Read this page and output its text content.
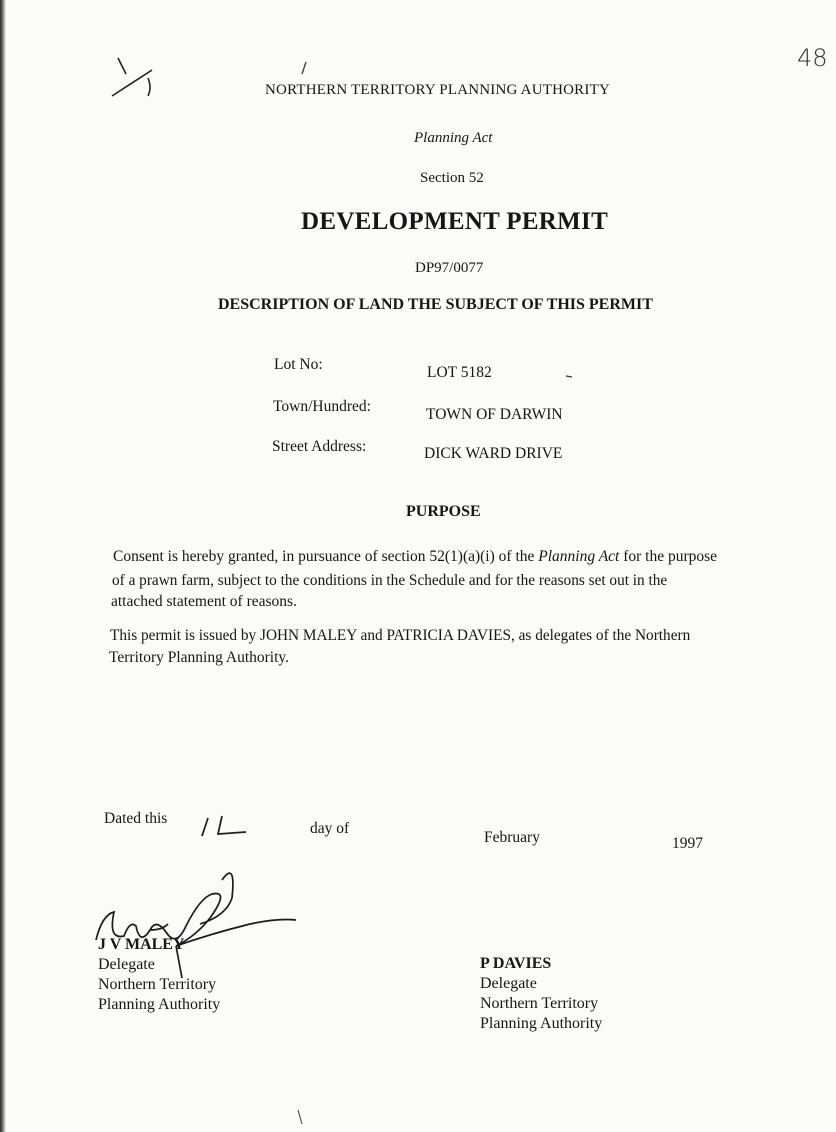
48
NORTHERN TERRITORY PLANNING AUTHORITY
Planning Act
Section 52
DEVELOPMENT PERMIT
DP97/0077
DESCRIPTION OF LAND THE SUBJECT OF THIS PERMIT
Lot No:	LOT 5182
Town/Hundred:	TOWN OF DARWIN
Street Address:	DICK WARD DRIVE
PURPOSE
Consent is hereby granted, in pursuance of section 52(1)(a)(i) of the Planning Act for the purpose
of a prawn farm, subject to the conditions in the Schedule and for the reasons set out in the
attached statement of reasons.
This permit is issued by JOHN MALEY and PATRICIA DAVIES, as delegates of the Northern
Territory Planning Authority.
Dated this
day of
February	1997
J V MALEY
Delegate
Northern Territory
Planning Authority
P DAVIES
Delegate
Northern Territory
Planning Authority
